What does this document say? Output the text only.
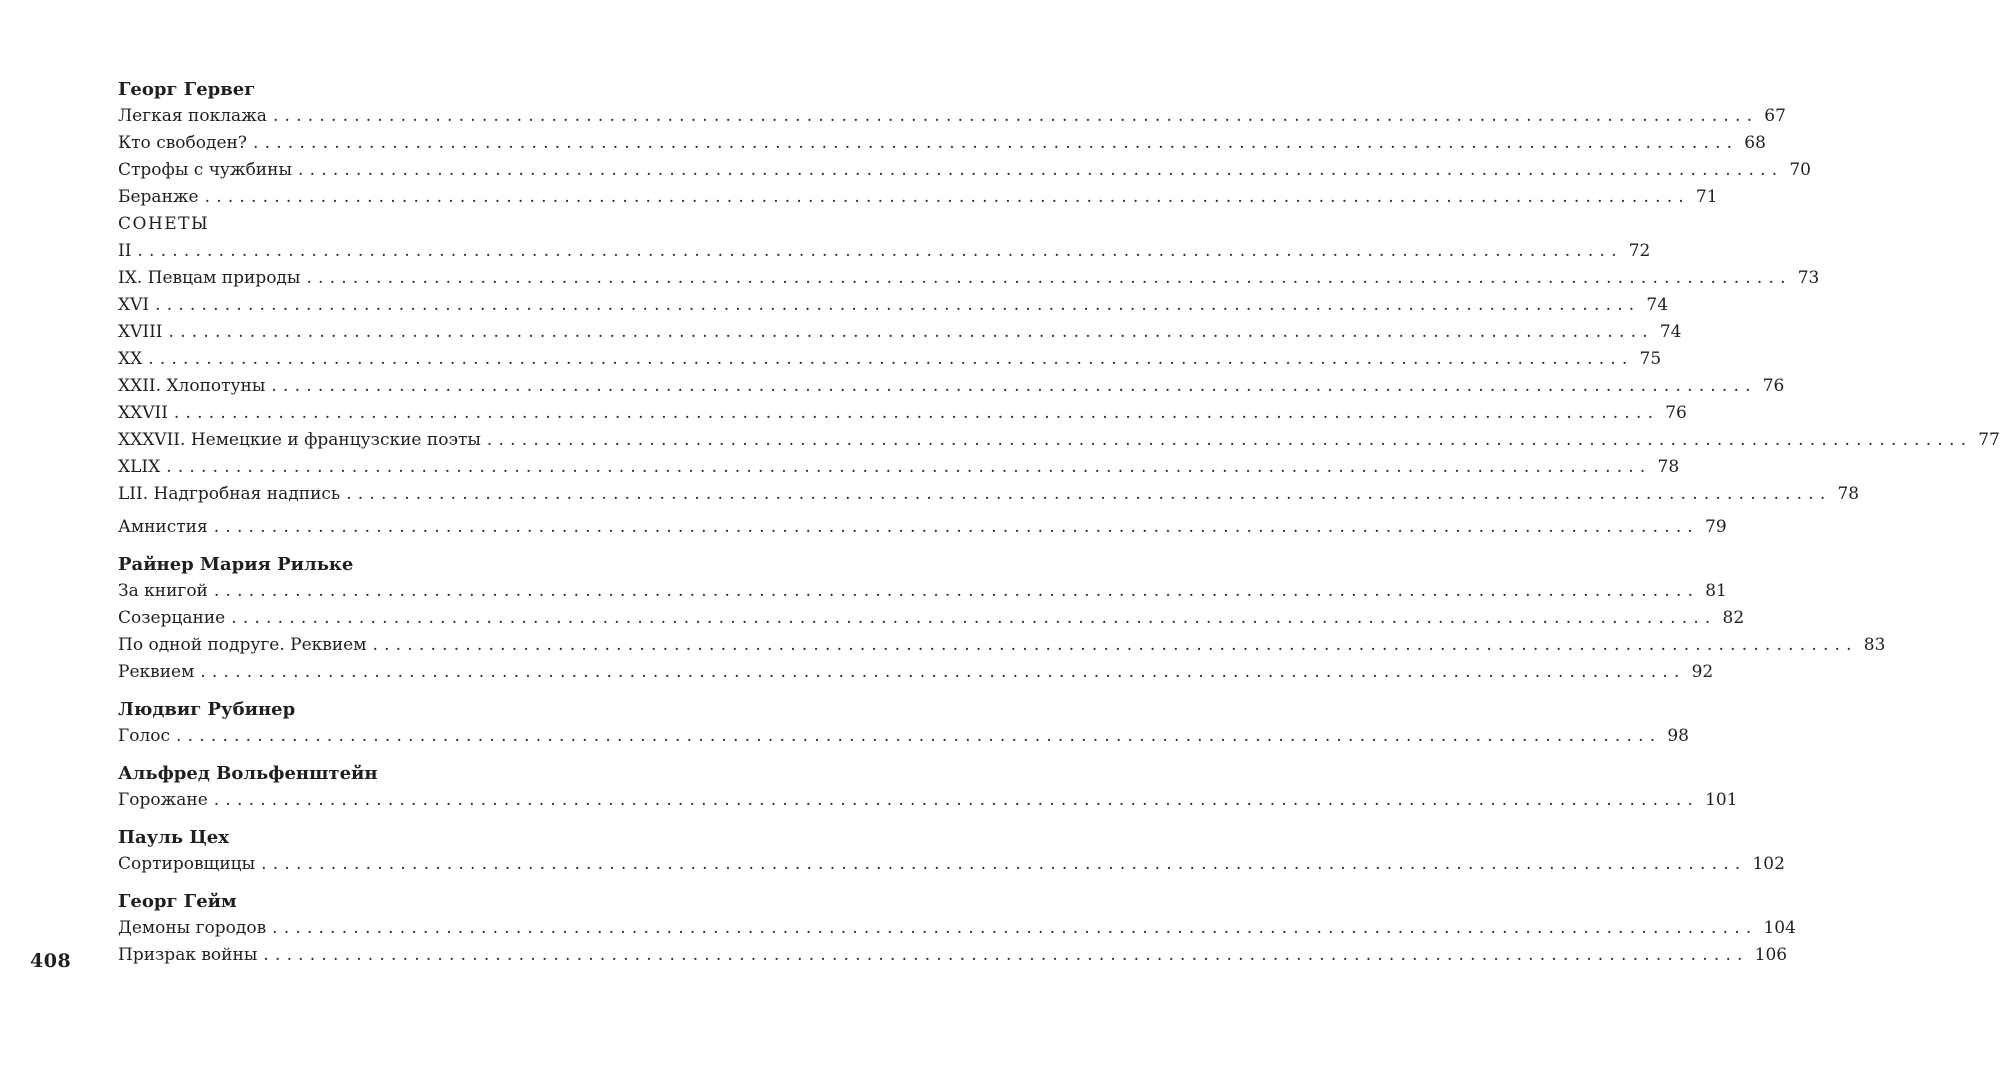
408
Георг Гервег
Легкая поклажа ................................................................................................................................ 67
Кто свободен? ................................................................................................................................ 68
Строфы с чужбины ................................................................................................................................ 70
Беранже ................................................................................................................................ 71
СОНЕТЫ
II ................................................................................................................................ 72
IX. Певцам природы ................................................................................................................................ 73
XVI ................................................................................................................................ 74
XVIII ................................................................................................................................ 74
XX ................................................................................................................................ 75
XXII. Хлопотуны ................................................................................................................................ 76
XXVII ................................................................................................................................ 76
XXXVII. Немецкие и французские поэты ................................................................................................................................ 77
XLIX ................................................................................................................................ 78
LII. Надгробная надпись ................................................................................................................................ 78
Амнистия ................................................................................................................................ 79
Райнер Мария Рильке
За книгой ................................................................................................................................ 81
Созерцание ................................................................................................................................ 82
По одной подруге. Реквием ................................................................................................................................ 83
Реквием ................................................................................................................................ 92
Людвиг Рубинер
Голос ................................................................................................................................ 98
Альфред Вольфенштейн
Горожане ................................................................................................................................ 101
Пауль Цех
Сортировщицы ................................................................................................................................ 102
Георг Гейм
Демоны городов ................................................................................................................................ 104
Призрак войны ................................................................................................................................ 106
